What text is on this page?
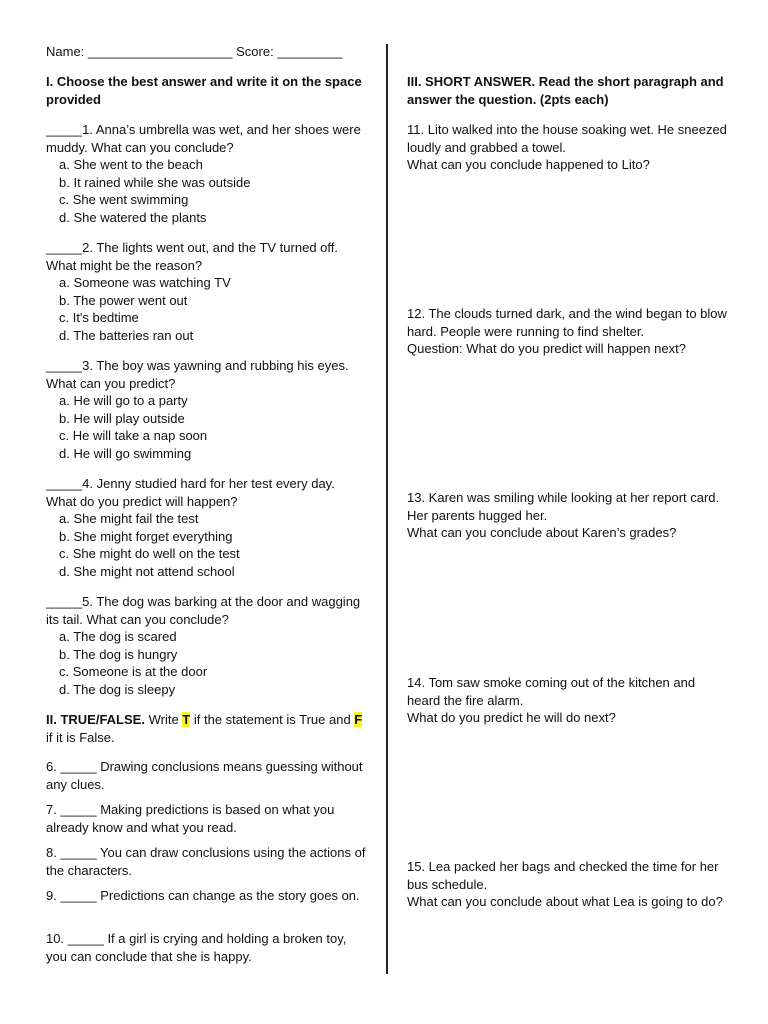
Name: ____________________ Score: _________
I. Choose the best answer and write it on the space provided

_____1. Anna’s umbrella was wet, and her shoes were muddy. What can you conclude?

a. She went to the beach

b. It rained while she was outside

c. She went swimming

d. She watered the plants

_____2. The lights went out, and the TV turned off. What might be the reason?

a. Someone was watching TV

b. The power went out

c. It's bedtime

d. The batteries ran out

_____3. The boy was yawning and rubbing his eyes. What can you predict?

a. He will go to a party

b. He will play outside

c. He will take a nap soon

d. He will go swimming

_____4. Jenny studied hard for her test every day. What do you predict will happen?

a. She might fail the test

b. She might forget everything

c. She might do well on the test

d. She might not attend school

_____5. The dog was barking at the door and wagging its tail. What can you conclude?

a. The dog is scared

b. The dog is hungry

c. Someone is at the door

d. The dog is sleepy

II. TRUE/FALSE. Write T if the statement is True and F if it is False.
6. _____ Drawing conclusions means guessing without any clues.
7. _____ Making predictions is based on what you already know and what you read.
8. _____ You can draw conclusions using the actions of the characters.
9. _____ Predictions can change as the story goes on.
10. _____ If a girl is crying and holding a broken toy, you can conclude that she is happy.
III. SHORT ANSWER. Read the short paragraph and answer the question. (2pts each)

11. Lito walked into the house soaking wet. He sneezed loudly and grabbed a towel.

What can you conclude happened to Lito?

12. The clouds turned dark, and the wind began to blow hard. People were running to find shelter.

Question: What do you predict will happen next?

13. Karen was smiling while looking at her report card. Her parents hugged her.

What can you conclude about Karen’s grades?

14. Tom saw smoke coming out of the kitchen and heard the fire alarm.

What do you predict he will do next?

15. Lea packed her bags and checked the time for her bus schedule.

What can you conclude about what Lea is going to do?
